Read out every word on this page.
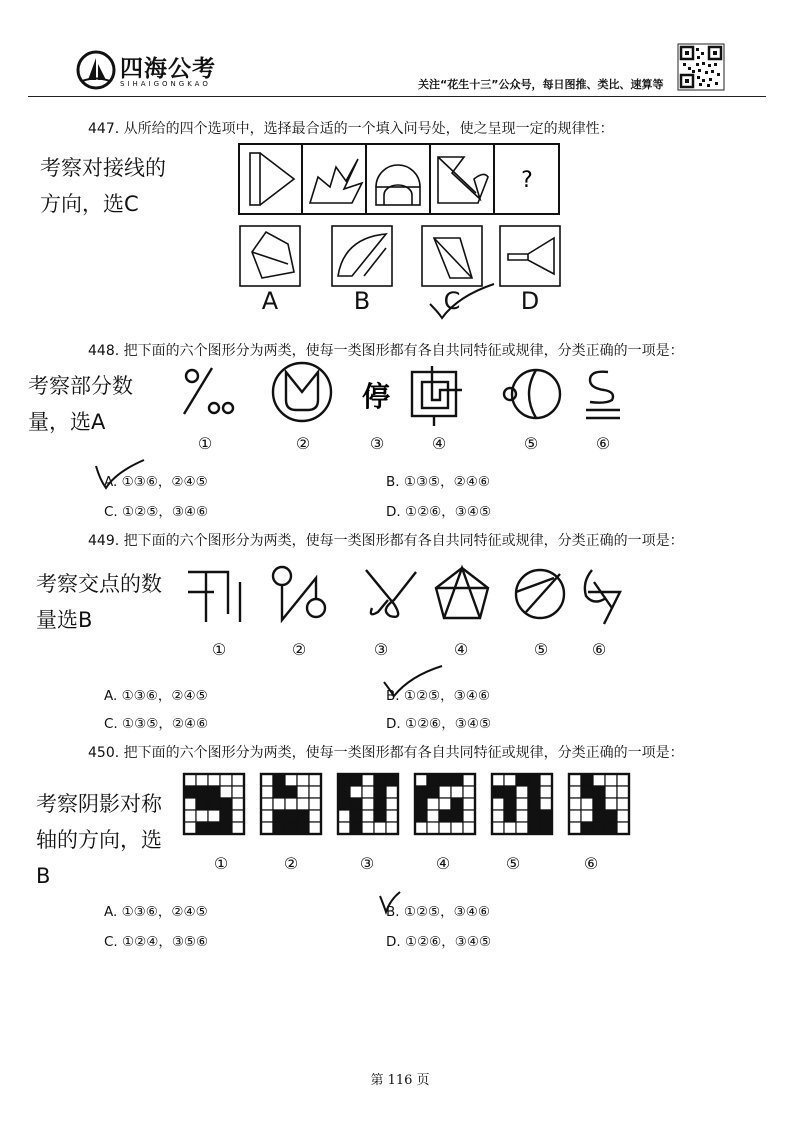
四海公考
SIHAIGONGKAO	关注“花生十三”公众号，每日图推、类比、速算等
447. 从所给的四个选项中，选择最合适的一个填入问号处，使之呈现一定的规律性：
考察对接线的
方向，选C
?
A	B	C	D
448. 把下面的六个图形分为两类，使每一类图形都有各自共同特征或规律，分类正确的一项是：
考察部分数
量，选A
停
①	②	③	④	⑤	⑥
A. ①③⑥，②④⑤	B. ①③⑤，②④⑥
C. ①②⑤，③④⑥	D. ①②⑥，③④⑤
449. 把下面的六个图形分为两类，使每一类图形都有各自共同特征或规律，分类正确的一项是：
考察交点的数
量选B
①	②	③	④	⑤	⑥
A. ①③⑥，②④⑤	B. ①②⑤，③④⑥
C. ①③⑤，②④⑥	D. ①②⑥，③④⑤
450. 把下面的六个图形分为两类，使每一类图形都有各自共同特征或规律，分类正确的一项是：
考察阴影对称
轴的方向，选
B
①	②	③	④	⑤	⑥
A. ①③⑥，②④⑤	B. ①②⑤，③④⑥
C. ①②④，③⑤⑥	D. ①②⑥，③④⑤
第 116 页
